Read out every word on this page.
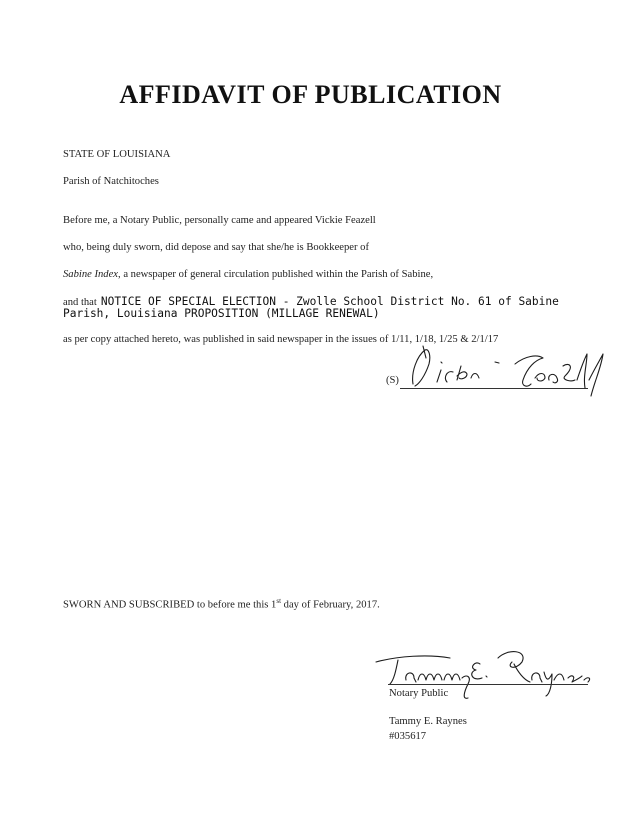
AFFIDAVIT OF PUBLICATION
STATE OF LOUISIANA
Parish of Natchitoches
Before me, a Notary Public, personally came and appeared Vickie Feazell
who, being duly sworn, did depose and say that she/he is Bookkeeper of
Sabine Index, a newspaper of general circulation published within the Parish of Sabine,
and that NOTICE OF SPECIAL ELECTION - Zwolle School District No. 61 of Sabine
Parish, Louisiana PROPOSITION (MILLAGE RENEWAL)
as per copy attached hereto, was published in said newspaper in the issues of 1/11, 1/18, 1/25 & 2/1/17
(S)
SWORN AND SUBSCRIBED to before me this 1st day of February, 2017.
Notary Public
Tammy E. Raynes
#035617
